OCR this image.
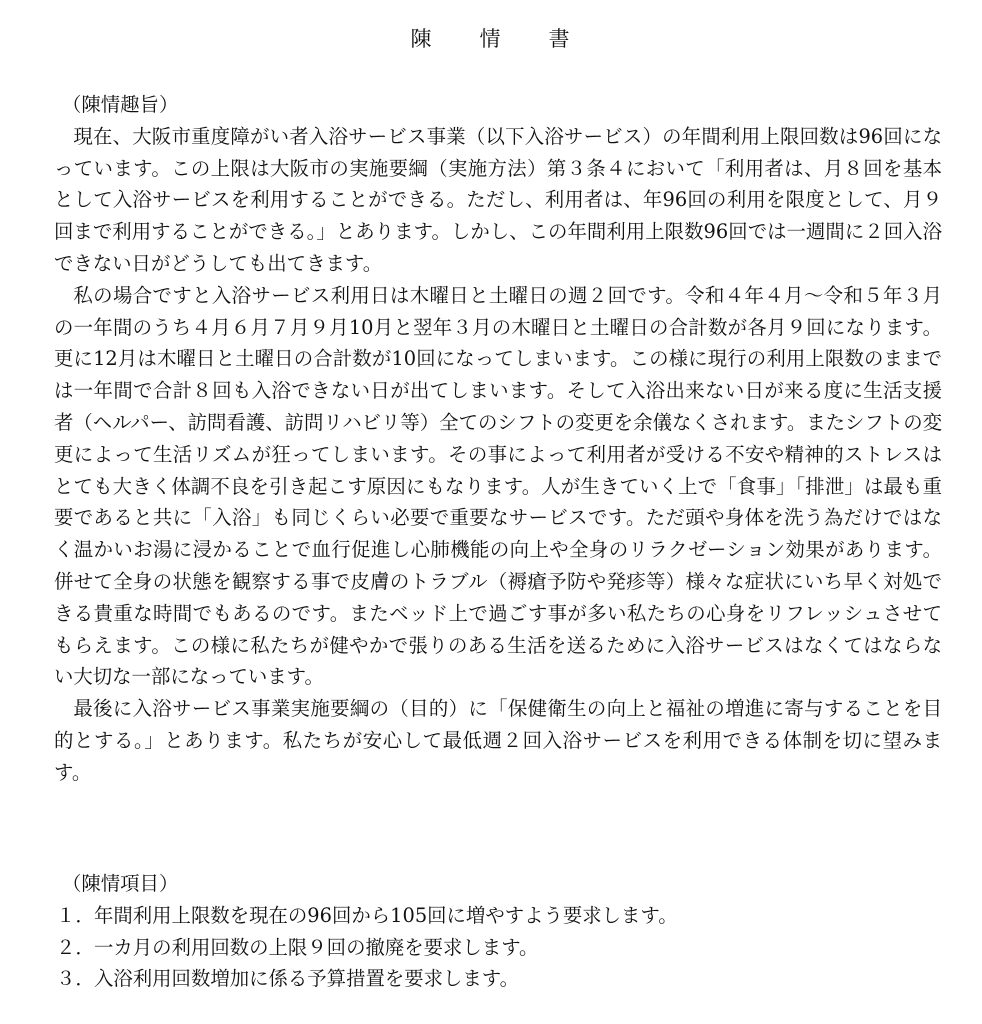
陳　　情　　書

（陳情趣旨）

現在、大阪市重度障がい者入浴サービス事業（以下入浴サービス）の年間利用上限回数は96回になっています。この上限は大阪市の実施要綱（実施方法）第３条４において「利用者は、月８回を基本として入浴サービスを利用することができる。ただし、利用者は、年96回の利用を限度として、月９回まで利用することができる。」とあります。しかし、この年間利用上限数96回では一週間に２回入浴できない日がどうしても出てきます。

私の場合ですと入浴サービス利用日は木曜日と土曜日の週２回です。令和４年４月～令和５年３月の一年間のうち４月６月７月９月10月と翌年３月の木曜日と土曜日の合計数が各月９回になります。更に12月は木曜日と土曜日の合計数が10回になってしまいます。この様に現行の利用上限数のままでは一年間で合計８回も入浴できない日が出てしまいます。そして入浴出来ない日が来る度に生活支援者（ヘルパー、訪問看護、訪問リハビリ等）全てのシフトの変更を余儀なくされます。またシフトの変更によって生活リズムが狂ってしまいます。その事によって利用者が受ける不安や精神的ストレスはとても大きく体調不良を引き起こす原因にもなります。人が生きていく上で「食事」「排泄」は最も重要であると共に「入浴」も同じくらい必要で重要なサービスです。ただ頭や身体を洗う為だけではなく温かいお湯に浸かることで血行促進し心肺機能の向上や全身のリラクゼーション効果があります。併せて全身の状態を観察する事で皮膚のトラブル（褥瘡予防や発疹等）様々な症状にいち早く対処できる貴重な時間でもあるのです。またベッド上で過ごす事が多い私たちの心身をリフレッシュさせてもらえます。この様に私たちが健やかで張りのある生活を送るために入浴サービスはなくてはならない大切な一部になっています。

最後に入浴サービス事業実施要綱の（目的）に「保健衛生の向上と福祉の増進に寄与することを目的とする。」とあります。私たちが安心して最低週２回入浴サービスを利用できる体制を切に望みます。

（陳情項目）

１． 年間利用上限数を現在の96回から105回に増やすよう要求します。
２． 一カ月の利用回数の上限９回の撤廃を要求します。
３． 入浴利用回数増加に係る予算措置を要求します。
